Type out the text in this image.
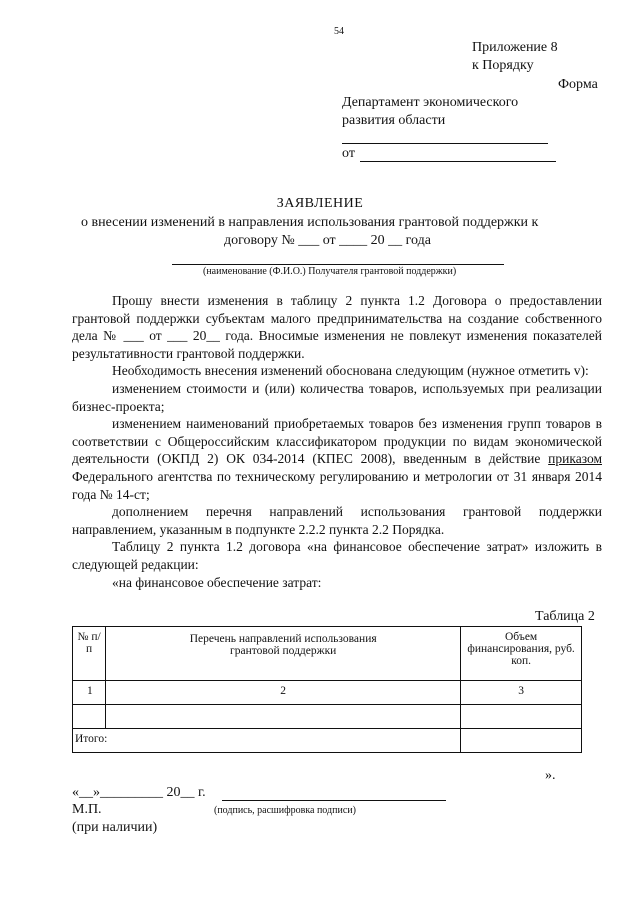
54
Приложение 8
к Порядку
Форма
Департамент экономического
развития области
от
ЗАЯВЛЕНИЕ
о внесении изменений в направления использования грантовой поддержки к
договору № ___ от ____ 20 __ года
(наименование (Ф.И.О.) Получателя грантовой поддержки)

Прошу внести изменения в таблицу 2 пункта 1.2 Договора о предоставлении грантовой поддержки субъектам малого предпринимательства на создание собственного дела № ___ от ___ 20__ года. Вносимые изменения не повлекут изменения показателей результативности грантовой поддержки.

Необходимость внесения изменений обоснована следующим (нужное отметить v):

изменением стоимости и (или) количества товаров, используемых при реализации бизнес-проекта;

изменением наименований приобретаемых товаров без изменения групп товаров в соответствии с Общероссийским классификатором продукции по видам экономической деятельности (ОКПД 2) ОК 034-2014 (КПЕС 2008), введенным в действие приказом Федерального агентства по техническому регулированию и метрологии от 31 января 2014 года № 14-ст;

дополнением перечня направлений использования грантовой поддержки направлением, указанным в подпункте 2.2.2 пункта 2.2 Порядка.

Таблицу 2 пункта 1.2 договора «на финансовое обеспечение затрат» изложить в следующей редакции:

«на финансовое обеспечение затрат:

Таблица 2
№ п/п	Перечень направлений использования грантовой поддержки	Объем финансирования, руб. коп.
1	2	3

Итого:		
».
«__»_________ 20__ г.
М.П.	(подпись, расшифровка подписи)
(при наличии)
